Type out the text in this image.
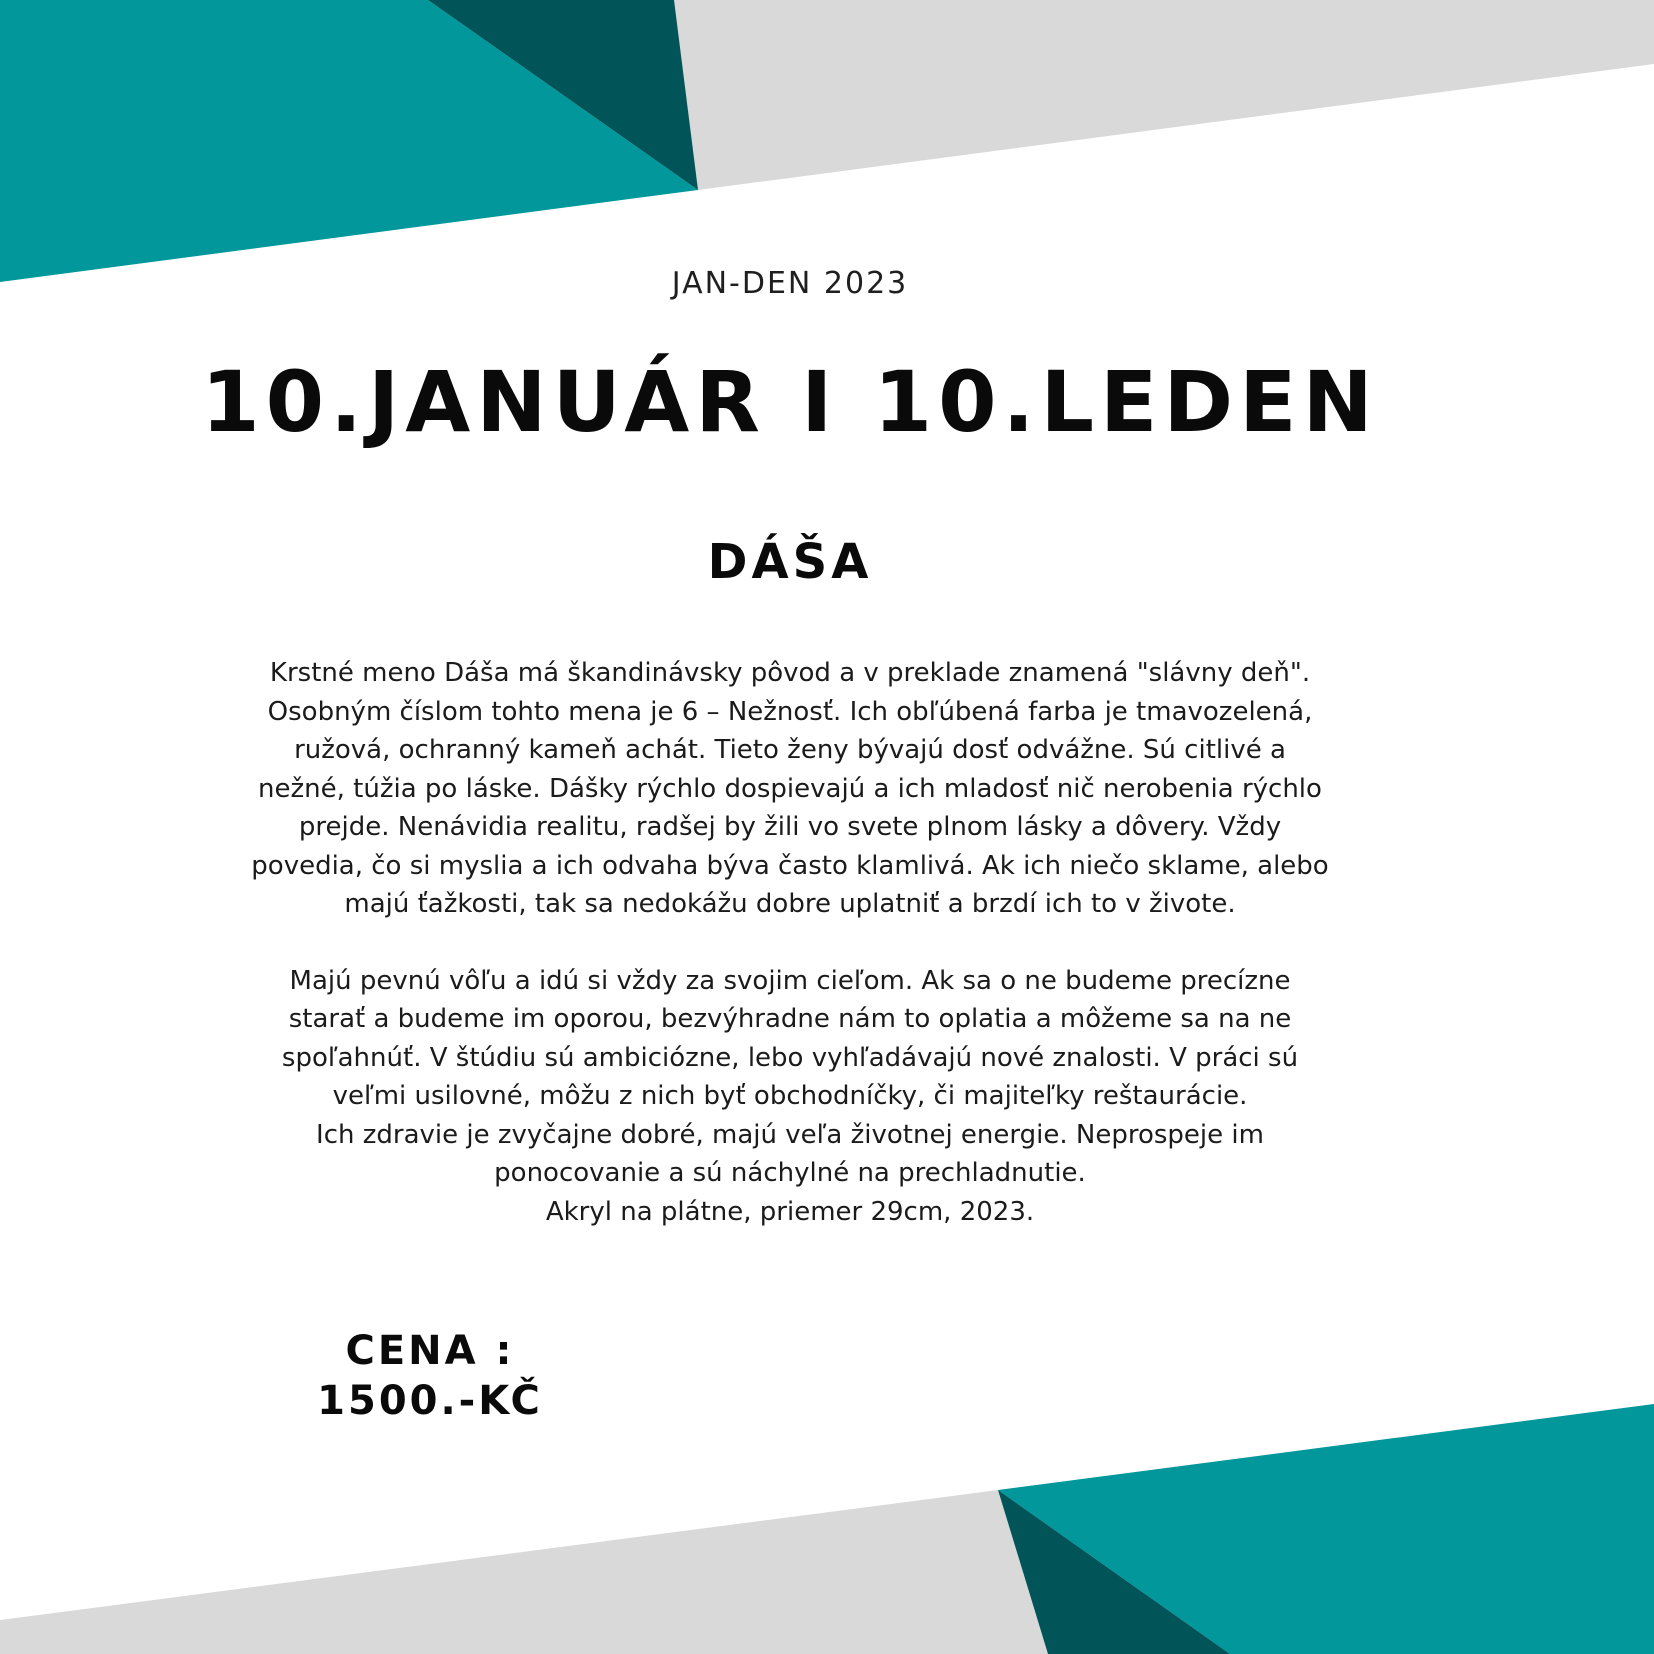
JAN-DEN 2023
10.JANUÁR I 10.LEDEN
DÁŠA

Krstné meno Dáša má škandinávsky pôvod a v preklade znamená "slávny deň".

Osobným číslom tohto mena je 6 – Nežnosť. Ich obľúbená farba je tmavozelená,

ružová, ochranný kameň achát. Tieto ženy bývajú dosť odvážne. Sú citlivé a

nežné, túžia po láske. Dášky rýchlo dospievajú a ich mladosť nič nerobenia rýchlo

prejde. Nenávidia realitu, radšej by žili vo svete plnom lásky a dôvery. Vždy

povedia, čo si myslia a ich odvaha býva často klamlivá. Ak ich niečo sklame, alebo

majú ťažkosti, tak sa nedokážu dobre uplatniť a brzdí ich to v živote.

Majú pevnú vôľu a idú si vždy za svojim cieľom. Ak sa o ne budeme precízne

starať a budeme im oporou, bezvýhradne nám to oplatia a môžeme sa na ne

spoľahnúť. V štúdiu sú ambiciózne, lebo vyhľadávajú nové znalosti. V práci sú

veľmi usilovné, môžu z nich byť obchodníčky, či majiteľky reštaurácie.

Ich zdravie je zvyčajne dobré, majú veľa životnej energie. Neprospeje im

ponocovanie a sú náchylné na prechladnutie.

Akryl na plátne, priemer 29cm, 2023.

CENA :
1500.-KČ
